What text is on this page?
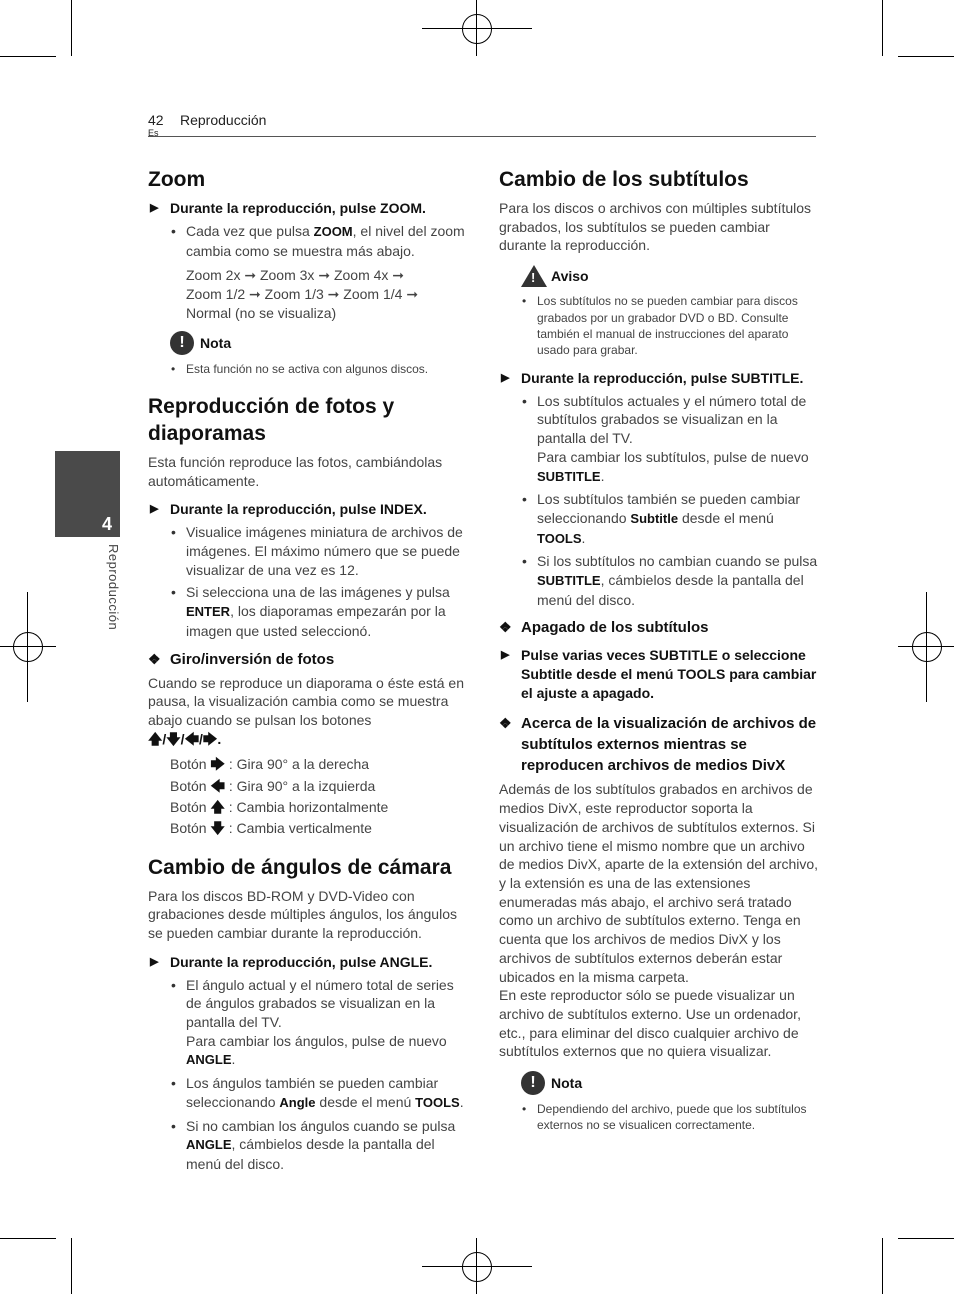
42
Es
Reproducción
4
Reproducción
Zoom
▶ Durante la reproducción, pulse ZOOM.
• Cada vez que pulsa ZOOM, el nivel del zoom cambia como se muestra más abajo.
Zoom 2x ➞ Zoom 3x ➞ Zoom 4x ➞
Zoom 1/2 ➞ Zoom 1/3 ➞ Zoom 1/4 ➞
Normal (no se visualiza)
!	Nota
• Esta función no se activa con algunos discos.
Reproducción de fotos y diaporamas

Esta función reproduce las fotos, cambiándolas automáticamente.

▶ Durante la reproducción, pulse INDEX.
• Visualice imágenes miniatura de archivos de imágenes. El máximo número que se puede visualizar de una vez es 12.
• Si selecciona una de las imágenes y pulsa ENTER, los diaporamas empezarán por la imagen que usted seleccionó.
❖ Giro/inversión de fotos

Cuando se reproduce un diaporama o éste está en pausa, la visualización cambia como se muestra abajo cuando se pulsan los botones
🡅/🡇/🡄/🡆.

Botón 🡆 : Gira 90° a la derecha
Botón 🡄 : Gira 90° a la izquierda
Botón 🡅 : Cambia horizontalmente
Botón 🡇 : Cambia verticalmente
Cambio de ángulos de cámara

Para los discos BD-ROM y DVD-Video con grabaciones desde múltiples ángulos, los ángulos se pueden cambiar durante la reproducción.

▶ Durante la reproducción, pulse ANGLE.
• El ángulo actual y el número total de series de ángulos grabados se visualizan en la pantalla del TV.
Para cambiar los ángulos, pulse de nuevo ANGLE.
• Los ángulos también se pueden cambiar seleccionando Angle desde el menú TOOLS.
• Si no cambian los ángulos cuando se pulsa ANGLE, cámbielos desde la pantalla del menú del disco.
Cambio de los subtítulos

Para los discos o archivos con múltiples subtítulos grabados, los subtítulos se pueden cambiar durante la reproducción.

! Aviso
• Los subtítulos no se pueden cambiar para discos grabados por un grabador DVD o BD. Consulte también el manual de instrucciones del aparato usado para grabar.
▶ Durante la reproducción, pulse SUBTITLE.
• Los subtítulos actuales y el número total de subtítulos grabados se visualizan en la pantalla del TV.
Para cambiar los subtítulos, pulse de nuevo SUBTITLE.
• Los subtítulos también se pueden cambiar seleccionando Subtitle desde el menú TOOLS.
• Si los subtítulos no cambian cuando se pulsa SUBTITLE, cámbielos desde la pantalla del menú del disco.
❖ Apagado de los subtítulos
▶ Pulse varias veces SUBTITLE o seleccione Subtitle desde el menú TOOLS para cambiar el ajuste a apagado.
❖ Acerca de la visualización de archivos de subtítulos externos mientras se reproducen archivos de medios DivX

Además de los subtítulos grabados en archivos de medios DivX, este reproductor soporta la visualización de archivos de subtítulos externos. Si un archivo tiene el mismo nombre que un archivo de medios DivX, aparte de la extensión del archivo, y la extensión es una de las extensiones enumeradas más abajo, el archivo será tratado como un archivo de subtítulos externo. Tenga en cuenta que los archivos de medios DivX y los archivos de subtítulos externos deberán estar ubicados en la misma carpeta.
En este reproductor sólo se puede visualizar un archivo de subtítulos externo. Use un ordenador, etc., para eliminar del disco cualquier archivo de subtítulos externos que no quiera visualizar.

!	Nota
• Dependiendo del archivo, puede que los subtítulos externos no se visualicen correctamente.
